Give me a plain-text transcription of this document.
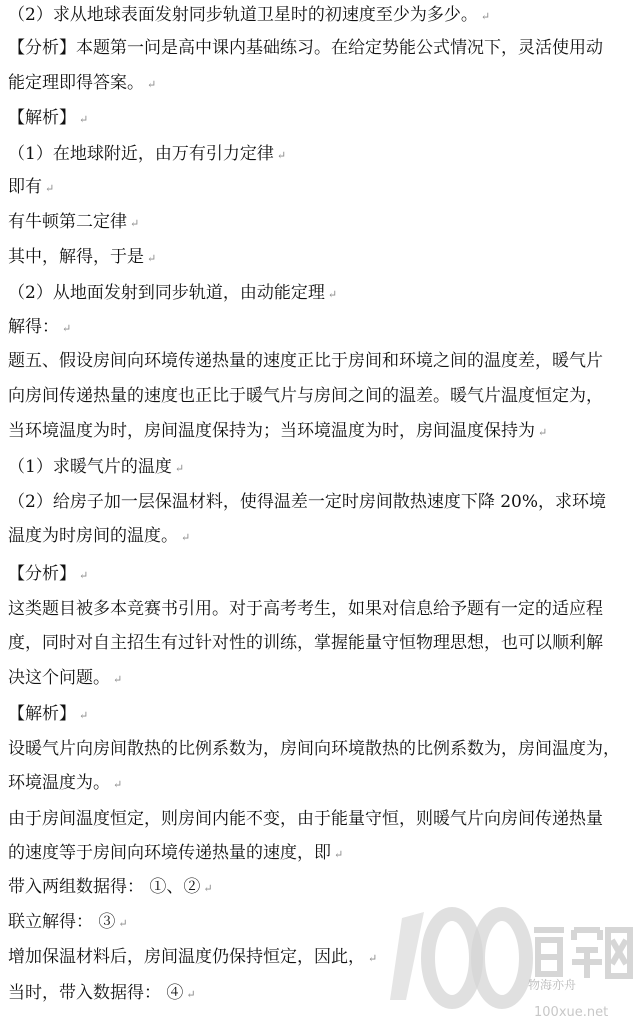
（2）求从地球表面发射同步轨道卫星时的初速度至少为多少。 ↵
【分析】本题第一问是高中课内基础练习。在给定势能公式情况下，灵活使用动
能定理即得答案。 ↵
【解析】 ↵
（1）在地球附近，由万有引力定律 ↵
即有 ↵
有牛顿第二定律 ↵
其中，解得，于是 ↵
（2）从地面发射到同步轨道，由动能定理 ↵
解得： ↵
题五、假设房间向环境传递热量的速度正比于房间和环境之间的温度差，暖气片
向房间传递热量的速度也正比于暖气片与房间之间的温差。暖气片温度恒定为，
当环境温度为时，房间温度保持为；当环境温度为时，房间温度保持为 ↵
（1）求暖气片的温度 ↵
（2）给房子加一层保温材料，使得温差一定时房间散热速度下降 20%，求环境
温度为时房间的温度。 ↵
【分析】 ↵
这类题目被多本竞赛书引用。对于高考考生，如果对信息给予题有一定的适应程
度，同时对自主招生有过针对性的训练，掌握能量守恒物理思想，也可以顺利解
决这个问题。 ↵
【解析】 ↵
设暖气片向房间散热的比例系数为，房间向环境散热的比例系数为，房间温度为，
环境温度为。 ↵
由于房间温度恒定，则房间内能不变，由于能量守恒，则暖气片向房间传递热量
的速度等于房间向环境传递热量的速度，即 ↵
带入两组数据得： ①、② ↵
联立解得： ③ ↵
增加保温材料后，房间温度仍保持恒定，因此， ↵
当时，带入数据得： ④ ↵
100xue.net
物海亦舟
